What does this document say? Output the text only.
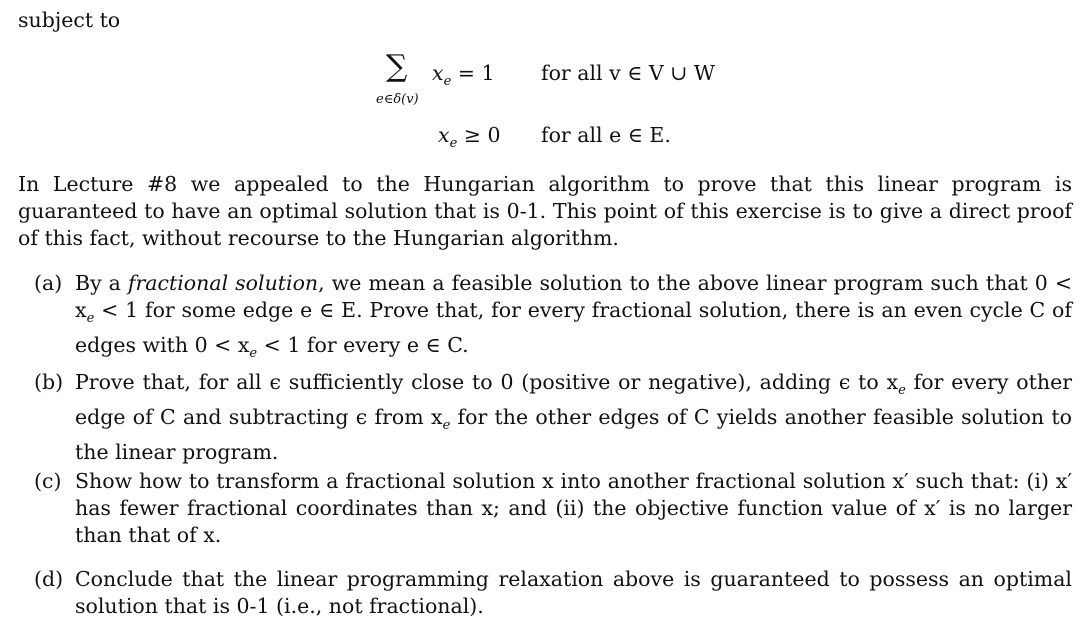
subject to
∑
e∈δ(v)
$x_e = 1$ for all v ∈ V ∪ W
$x_e \ge 0$ for all e ∈ E.
In Lecture #8 we appealed to the Hungarian algorithm to prove that this linear program is guaranteed to have an optimal solution that is 0-1. This point of this exercise is to give a direct proof of this fact, without recourse to the Hungarian algorithm.
(a) By a fractional solution, we mean a feasible solution to the above linear program such that $0 < x_e < 1$ for some edge e ∈ E. Prove that, for every fractional solution, there is an even cycle C of edges with $0 < x_e < 1$ for every e ∈ C.
(b) Prove that, for all ϵ sufficiently close to 0 (positive or negative), adding ϵ to $x_e$ for every other edge of C and subtracting ϵ from $x_e$ for the other edges of C yields another feasible solution to the linear program.
(c) Show how to transform a fractional solution x into another fractional solution x′ such that: (i) x′ has fewer fractional coordinates than x; and (ii) the objective function value of x′ is no larger than that of x.
(d) Conclude that the linear programming relaxation above is guaranteed to possess an optimal solution that is 0-1 (i.e., not fractional).
